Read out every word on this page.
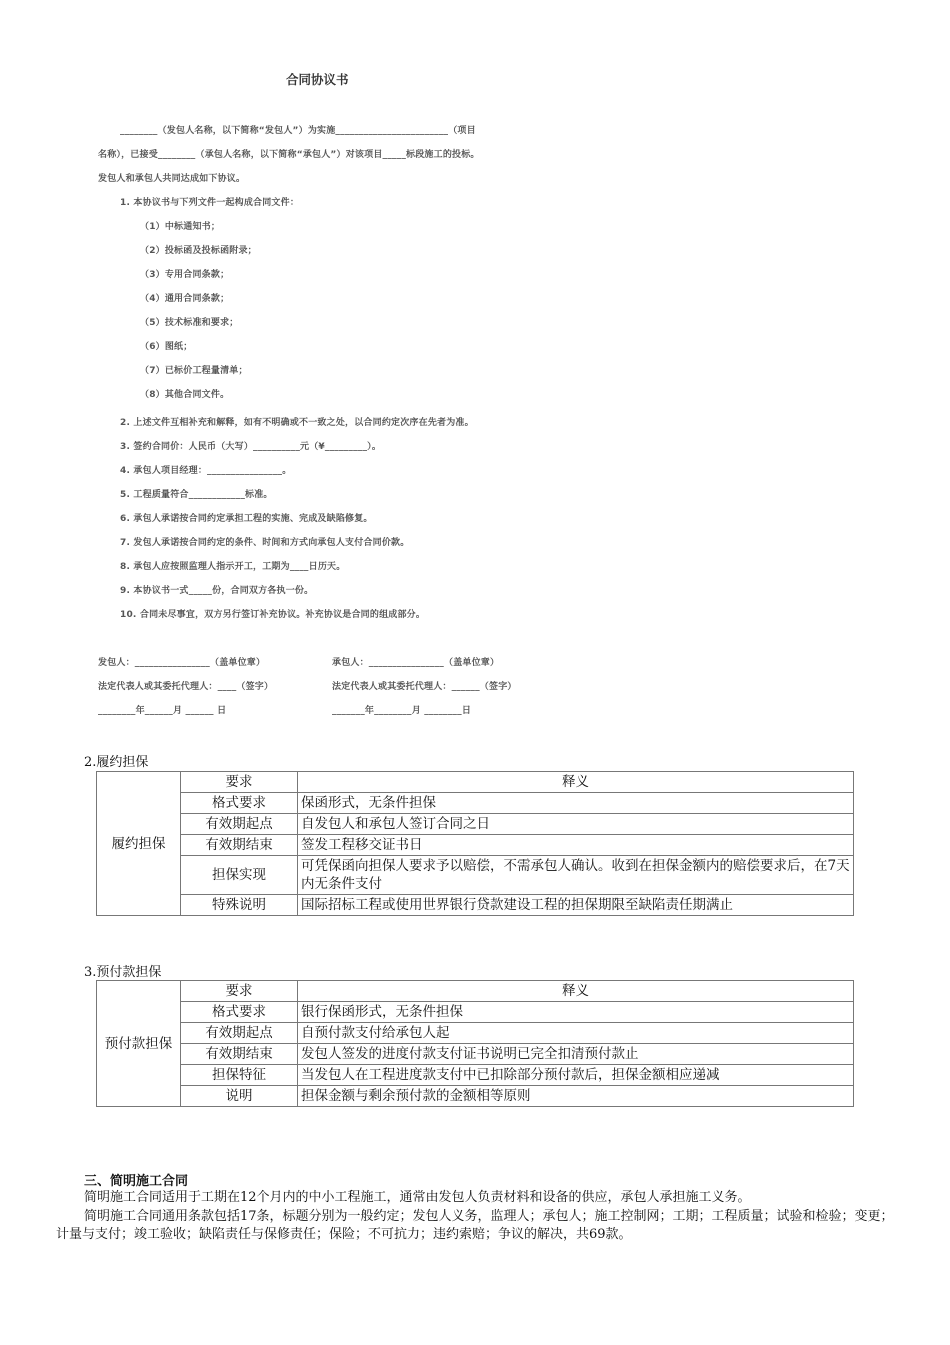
合同协议书
________（发包人名称，以下简称“发包人”）为实施________________________（项目
名称），已接受________（承包人名称，以下简称“承包人”）对该项目_____标段施工的投标。
发包人和承包人共同达成如下协议。
1. 本协议书与下列文件一起构成合同文件：
（1）中标通知书；
（2）投标函及投标函附录；
（3）专用合同条款；
（4）通用合同条款；
（5）技术标准和要求；
（6）图纸；
（7）已标价工程量清单；
（8）其他合同文件。
2. 上述文件互相补充和解释，如有不明确或不一致之处，以合同约定次序在先者为准。
3. 签约合同价：人民币（大写）__________元（¥_________）。
4. 承包人项目经理：________________。
5. 工程质量符合____________标准。
6. 承包人承诺按合同约定承担工程的实施、完成及缺陷修复。
7. 发包人承诺按合同约定的条件、时间和方式向承包人支付合同价款。
8. 承包人应按照监理人指示开工，工期为____日历天。
9. 本协议书一式_____份，合同双方各执一份。
10. 合同未尽事宜，双方另行签订补充协议。补充协议是合同的组成部分。
发包人：________________（盖单位章）
法定代表人或其委托代理人：____（签字）
________年______月 ______ 日
承包人：________________（盖单位章）
法定代表人或其委托代理人：______（签字）
_______年________月 ________日
2.履约担保
履约担保	要求	释义
	格式要求	保函形式，无条件担保
	有效期起点	自发包人和承包人签订合同之日
	有效期结束	签发工程移交证书日
	担保实现	可凭保函向担保人要求予以赔偿，不需承包人确认。收到在担保金额内的赔偿要求后，在7天内无条件支付
	特殊说明	国际招标工程或使用世界银行贷款建设工程的担保期限至缺陷责任期满止
3.预付款担保
预付款担保	要求	释义
	格式要求	银行保函形式，无条件担保
	有效期起点	自预付款支付给承包人起
	有效期结束	发包人签发的进度付款支付证书说明已完全扣清预付款止
	担保特征	当发包人在工程进度款支付中已扣除部分预付款后，担保金额相应递减
	说明	担保金额与剩余预付款的金额相等原则
三、简明施工合同
简明施工合同适用于工期在12个月内的中小工程施工，通常由发包人负责材料和设备的供应，承包人承担施工义务。
简明施工合同通用条款包括17条，标题分别为一般约定；发包人义务，监理人；承包人；施工控制网；工期；工程质量；试验和检验；变更；计量与支付；竣工验收；缺陷责任与保修责任；保险；不可抗力；违约索赔；争议的解决，共69款。
